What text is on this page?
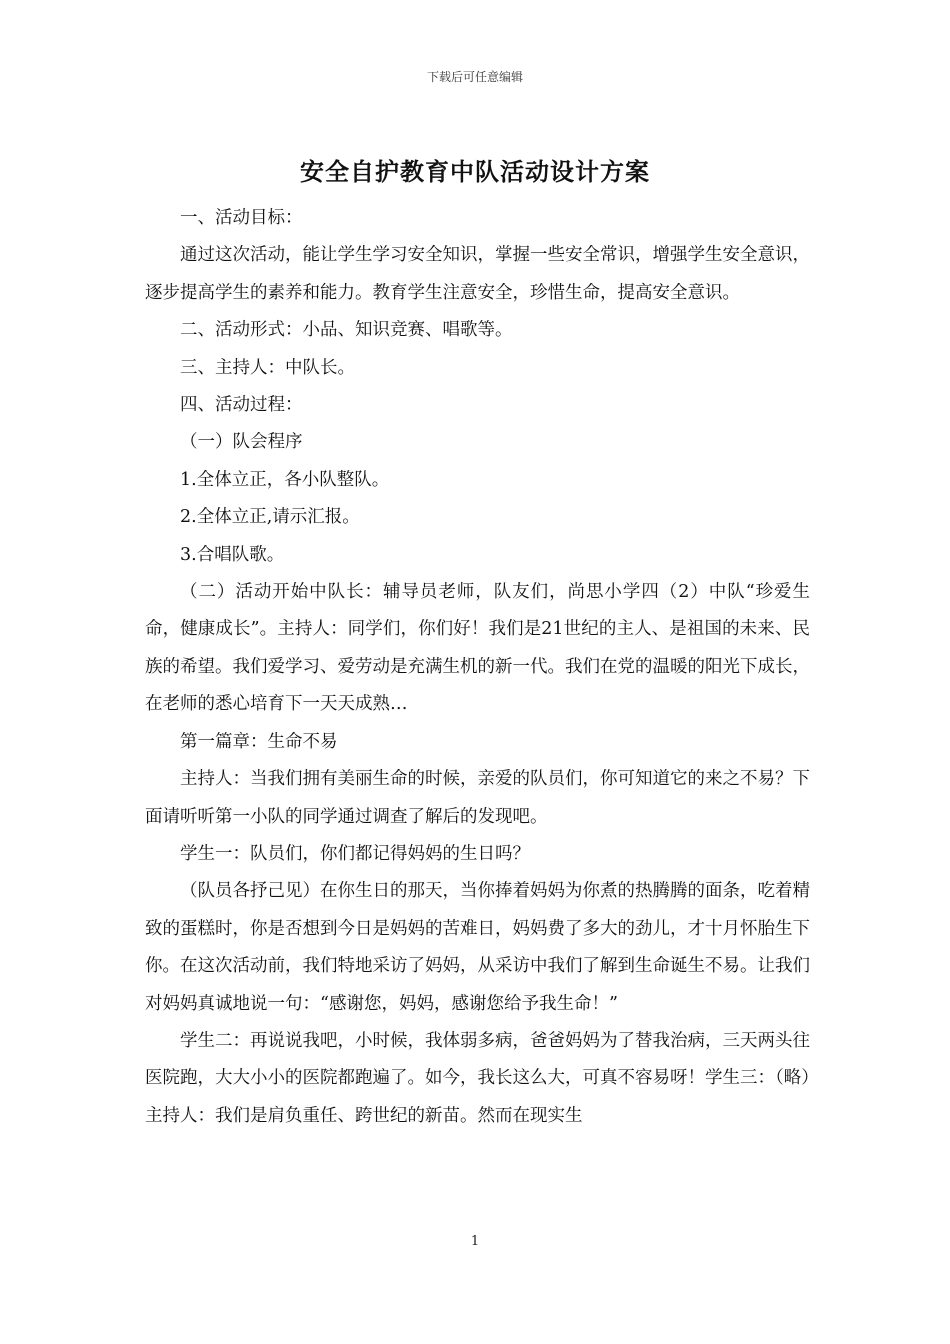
下载后可任意编辑
安全自护教育中队活动设计方案

一、活动目标：

通过这次活动，能让学生学习安全知识，掌握一些安全常识，增强学生安全意识，逐步提高学生的素养和能力。教育学生注意安全，珍惜生命，提高安全意识。

二、活动形式：小品、知识竞赛、唱歌等。

三、主持人：中队长。

四、活动过程：

（一）队会程序

1.全体立正，各小队整队。

2.全体立正,请示汇报。

3.合唱队歌。

（二）活动开始中队长：辅导员老师，队友们，尚思小学四（2）中队“珍爱生命，健康成长”。主持人：同学们，你们好！我们是21世纪的主人、是祖国的未来、民族的希望。我们爱学习、爱劳动是充满生机的新一代。我们在党的温暖的阳光下成长，在老师的悉心培育下一天天成熟…

第一篇章：生命不易

主持人：当我们拥有美丽生命的时候，亲爱的队员们，你可知道它的来之不易？下面请听听第一小队的同学通过调查了解后的发现吧。

学生一：队员们，你们都记得妈妈的生日吗？

（队员各抒己见）在你生日的那天，当你捧着妈妈为你煮的热腾腾的面条，吃着精致的蛋糕时，你是否想到今日是妈妈的苦难日，妈妈费了多大的劲儿，才十月怀胎生下你。在这次活动前，我们特地采访了妈妈，从采访中我们了解到生命诞生不易。让我们对妈妈真诚地说一句：“感谢您，妈妈，感谢您给予我生命！”

学生二：再说说我吧，小时候，我体弱多病，爸爸妈妈为了替我治病，三天两头往医院跑，大大小小的医院都跑遍了。如今，我长这么大，可真不容易呀！学生三：（略）主持人：我们是肩负重任、跨世纪的新苗。然而在现实生

1
